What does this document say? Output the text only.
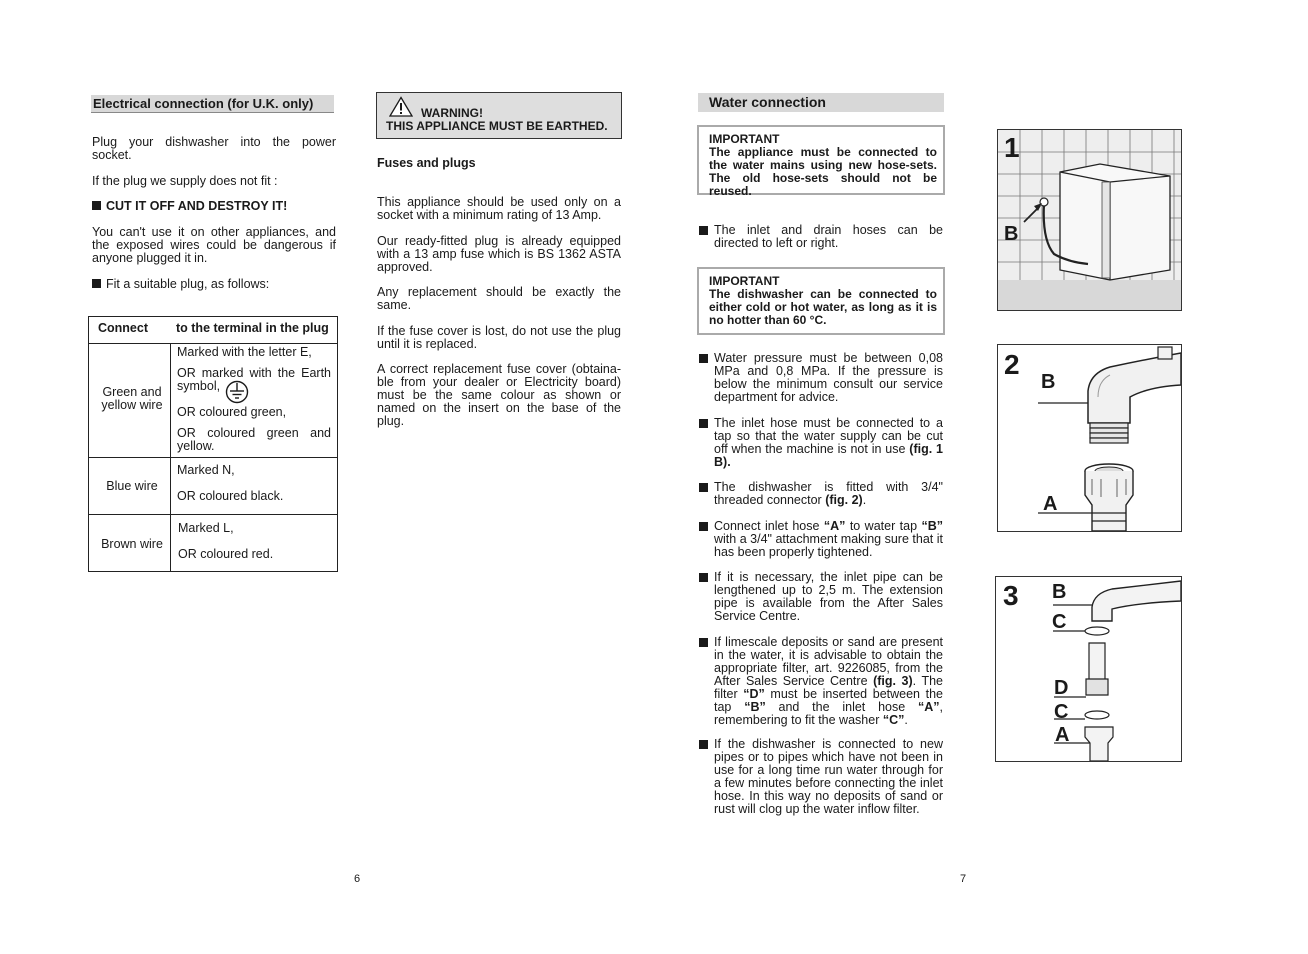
Electrical connection (for U.K. only)

Plug your dishwasher into the power socket.

If the plug we supply does not fit :

CUT IT OFF AND DESTROY IT!

You can't use it on other appliances, and the exposed wires could be dangerous if anyone plugged it in.

Fit a suitable plug, as follows:
Connect to the terminal in the plug
Green and yellow wire
Marked with the letter E,
OR marked with the Earth symbol,
OR coloured green,
OR coloured green and yellow.
Blue wire
Marked N,
OR coloured black.
Brown wire
Marked L,
OR coloured red.
6
WARNING!
THIS APPLIANCE MUST BE EARTHED.
Fuses and plugs

This appliance should be used only on a socket with a minimum rating of 13 Amp.

Our ready-fitted plug is already equipped with a 13 amp fuse which is BS 1362 ASTA approved.

Any replacement should be exactly the same.

If the fuse cover is lost, do not use the plug until it is replaced.

A correct replacement fuse cover (obtaina-ble from your dealer or Electricity board) must be the same colour as shown or named on the insert on the base of the plug.

Water connection
IMPORTANT
The appliance must be connected to the water mains using new hose-sets. The old hose-sets should not be reused.
The inlet and drain hoses can be directed to left or right.
IMPORTANT
The dishwasher can be connected to either cold or hot water, as long as it is no hotter than 60 °C.
Water pressure must be between 0,08 MPa and 0,8 MPa. If the pressure is below the minimum consult our service department for advice.
The inlet hose must be connected to a tap so that the water supply can be cut off when the machine is not in use (fig. 1 B).
The dishwasher is fitted with 3/4" threaded connector (fig. 2).
Connect inlet hose “A” to water tap “B” with a 3/4" attachment making sure that it has been properly tightened.
If it is necessary, the inlet pipe can be lengthened up to 2,5 m. The extension pipe is available from the After Sales Service Centre.
If limescale deposits or sand are present in the water, it is advisable to obtain the appropriate filter, art. 9226085, from the After Sales Service Centre (fig. 3). The filter “D” must be inserted between the tap “B” and the inlet hose “A”, remembering to fit the washer “C”.
If the dishwasher is connected to new pipes or to pipes which have not been in use for a long time run water through for a few minutes before connecting the inlet hose. In this way no deposits of sand or rust will clog up the water inflow filter.
7
1
B
2
B
A
3 B
C
D
C
A
